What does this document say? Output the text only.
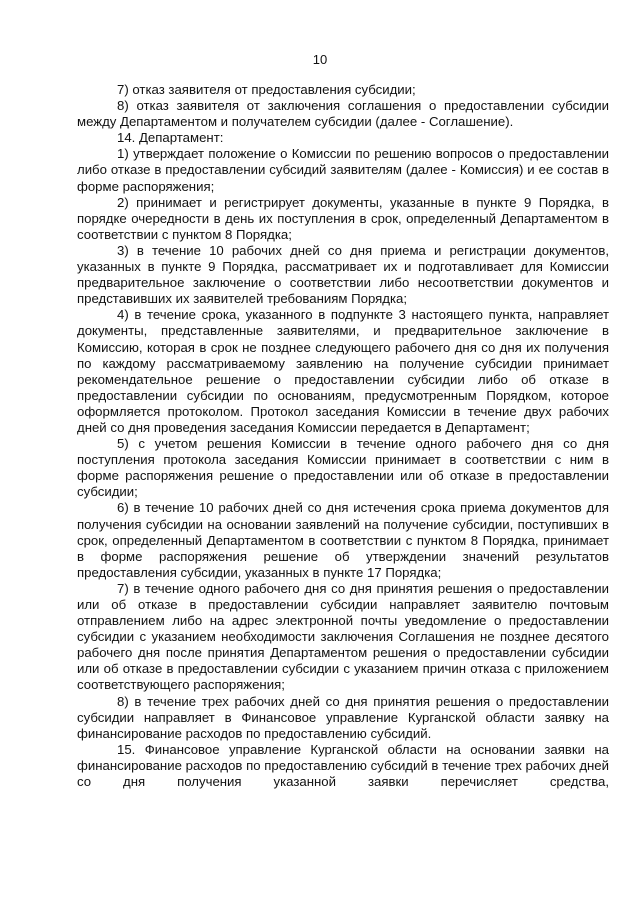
10

7) отказ заявителя от предоставления субсидии;

8) отказ заявителя от заключения соглашения о предоставлении субсидии между Департаментом и получателем субсидии (далее - Соглашение).

14. Департамент:

1) утверждает положение о Комиссии по решению вопросов о предоставлении либо отказе в предоставлении субсидий заявителям (далее - Комиссия) и ее состав в форме распоряжения;

2) принимает и регистрирует документы, указанные в пункте 9 Порядка, в порядке очередности в день их поступления в срок, определенный Департаментом в соответствии с пунктом 8 Порядка;

3) в течение 10 рабочих дней со дня приема и регистрации документов, указанных в пункте 9 Порядка, рассматривает их и подготавливает для Комиссии предварительное заключение о соответствии либо несоответствии документов и представивших их заявителей требованиям Порядка;

4) в течение срока, указанного в подпункте 3 настоящего пункта, направляет документы, представленные заявителями, и предварительное заключение в Комиссию, которая в срок не позднее следующего рабочего дня со дня их получения по каждому рассматриваемому заявлению на получение субсидии принимает рекомендательное решение о предоставлении субсидии либо об отказе в предоставлении субсидии по основаниям, предусмотренным Порядком, которое оформляется протоколом. Протокол заседания Комиссии в течение двух рабочих дней со дня проведения заседания Комиссии передается в Департамент;

5) с учетом решения Комиссии в течение одного рабочего дня со дня поступления протокола заседания Комиссии принимает в соответствии с ним в форме распоряжения решение о предоставлении или об отказе в предоставлении субсидии;

6) в течение 10 рабочих дней со дня истечения срока приема документов для получения субсидии на основании заявлений на получение субсидии, поступивших в срок, определенный Департаментом в соответствии с пунктом 8 Порядка, принимает в форме распоряжения решение об утверждении значений результатов предоставления субсидии, указанных в пункте 17 Порядка;

7) в течение одного рабочего дня со дня принятия решения о предоставлении или об отказе в предоставлении субсидии направляет заявителю почтовым отправлением либо на адрес электронной почты уведомление о предоставлении субсидии с указанием необходимости заключения Соглашения не позднее десятого рабочего дня после принятия Департаментом решения о предоставлении субсидии или об отказе в предоставлении субсидии с указанием причин отказа с приложением соответствующего распоряжения;

8) в течение трех рабочих дней со дня принятия решения о предоставлении субсидии направляет в Финансовое управление Курганской области заявку на финансирование расходов по предоставлению субсидий.

15. Финансовое управление Курганской области на основании заявки на финансирование расходов по предоставлению субсидий в течение трех рабочих дней со дня получения указанной заявки перечисляет средства,
